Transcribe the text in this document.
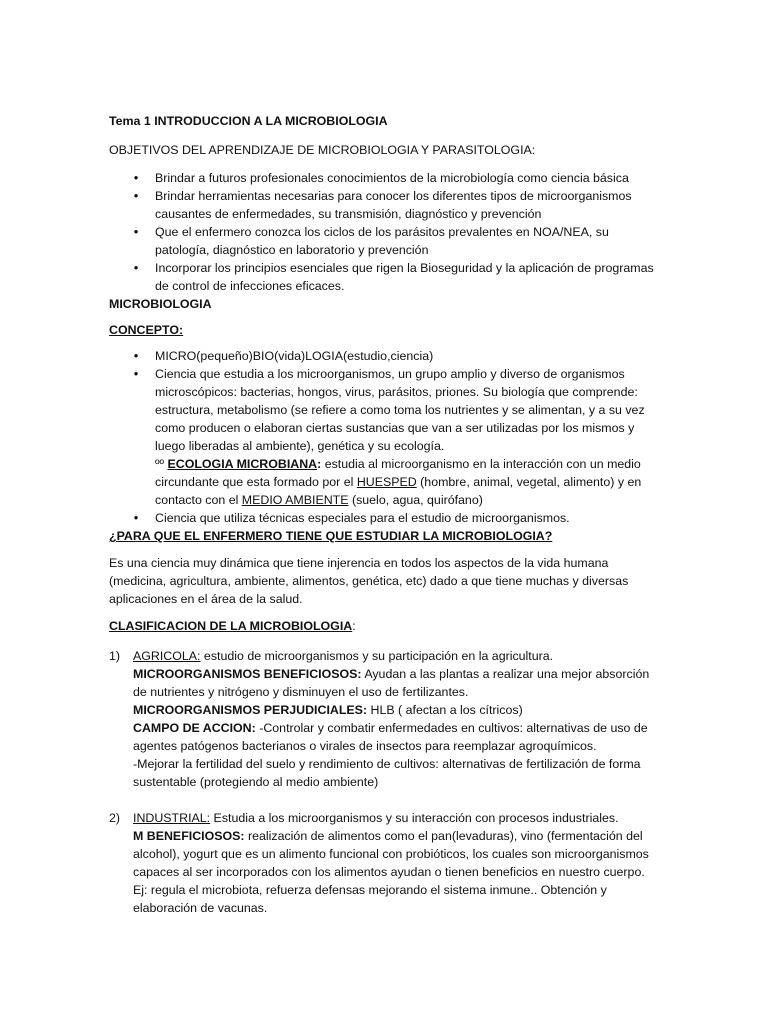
Tema 1 INTRODUCCION A LA MICROBIOLOGIA

OBJETIVOS DEL APRENDIZAJE DE MICROBIOLOGIA Y PARASITOLOGIA:

• Brindar a futuros profesionales conocimientos de la microbiología como ciencia básica
• Brindar herramientas necesarias para conocer los diferentes tipos de microorganismos causantes de enfermedades, su transmisión, diagnóstico y prevención
• Que el enfermero conozca los ciclos de los parásitos prevalentes en NOA/NEA, su patología, diagnóstico en laboratorio y prevención
• Incorporar los principios esenciales que rigen la Bioseguridad y la aplicación de programas de control de infecciones eficaces.

MICROBIOLOGIA

CONCEPTO:

• MICRO(pequeño)BIO(vida)LOGIA(estudio,ciencia)
• Ciencia que estudia a los microorganismos, un grupo amplio y diverso de organismos microscópicos: bacterias, hongos, virus, parásitos, priones. Su biología que comprende: estructura, metabolismo (se refiere a como toma los nutrientes y se alimentan, y a su vez como producen o elaboran ciertas sustancias que van a ser utilizadas por los mismos y luego liberadas al ambiente), genética y su ecología.
ºº ECOLOGIA MICROBIANA: estudia al microorganismo en la interacción con un medio circundante que esta formado por el HUESPED (hombre, animal, vegetal, alimento) y en contacto con el MEDIO AMBIENTE (suelo, agua, quirófano)
• Ciencia que utiliza técnicas especiales para el estudio de microorganismos.

¿PARA QUE EL ENFERMERO TIENE QUE ESTUDIAR LA MICROBIOLOGIA?

Es una ciencia muy dinámica que tiene injerencia en todos los aspectos de la vida humana (medicina, agricultura, ambiente, alimentos, genética, etc) dado a que tiene muchas y diversas aplicaciones en el área de la salud.

CLASIFICACION DE LA MICROBIOLOGIA:

1) AGRICOLA: estudio de microorganismos y su participación en la agricultura.
MICROORGANISMOS BENEFICIOSOS: Ayudan a las plantas a realizar una mejor absorción de nutrientes y nitrógeno y disminuyen el uso de fertilizantes.
MICROORGANISMOS PERJUDICIALES: HLB ( afectan a los cítricos)
CAMPO DE ACCION: -Controlar y combatir enfermedades en cultivos: alternativas de uso de agentes patógenos bacterianos o virales de insectos para reemplazar agroquímicos.
-Mejorar la fertilidad del suelo y rendimiento de cultivos: alternativas de fertilización de forma sustentable (protegiendo al medio ambiente)
2) INDUSTRIAL: Estudia a los microorganismos y su interacción con procesos industriales.
M BENEFICIOSOS: realización de alimentos como el pan(levaduras), vino (fermentación del alcohol), yogurt que es un alimento funcional con probióticos, los cuales son microorganismos capaces al ser incorporados con los alimentos ayudan o tienen beneficios en nuestro cuerpo. Ej: regula el microbiota, refuerza defensas mejorando el sistema inmune.. Obtención y elaboración de vacunas.
